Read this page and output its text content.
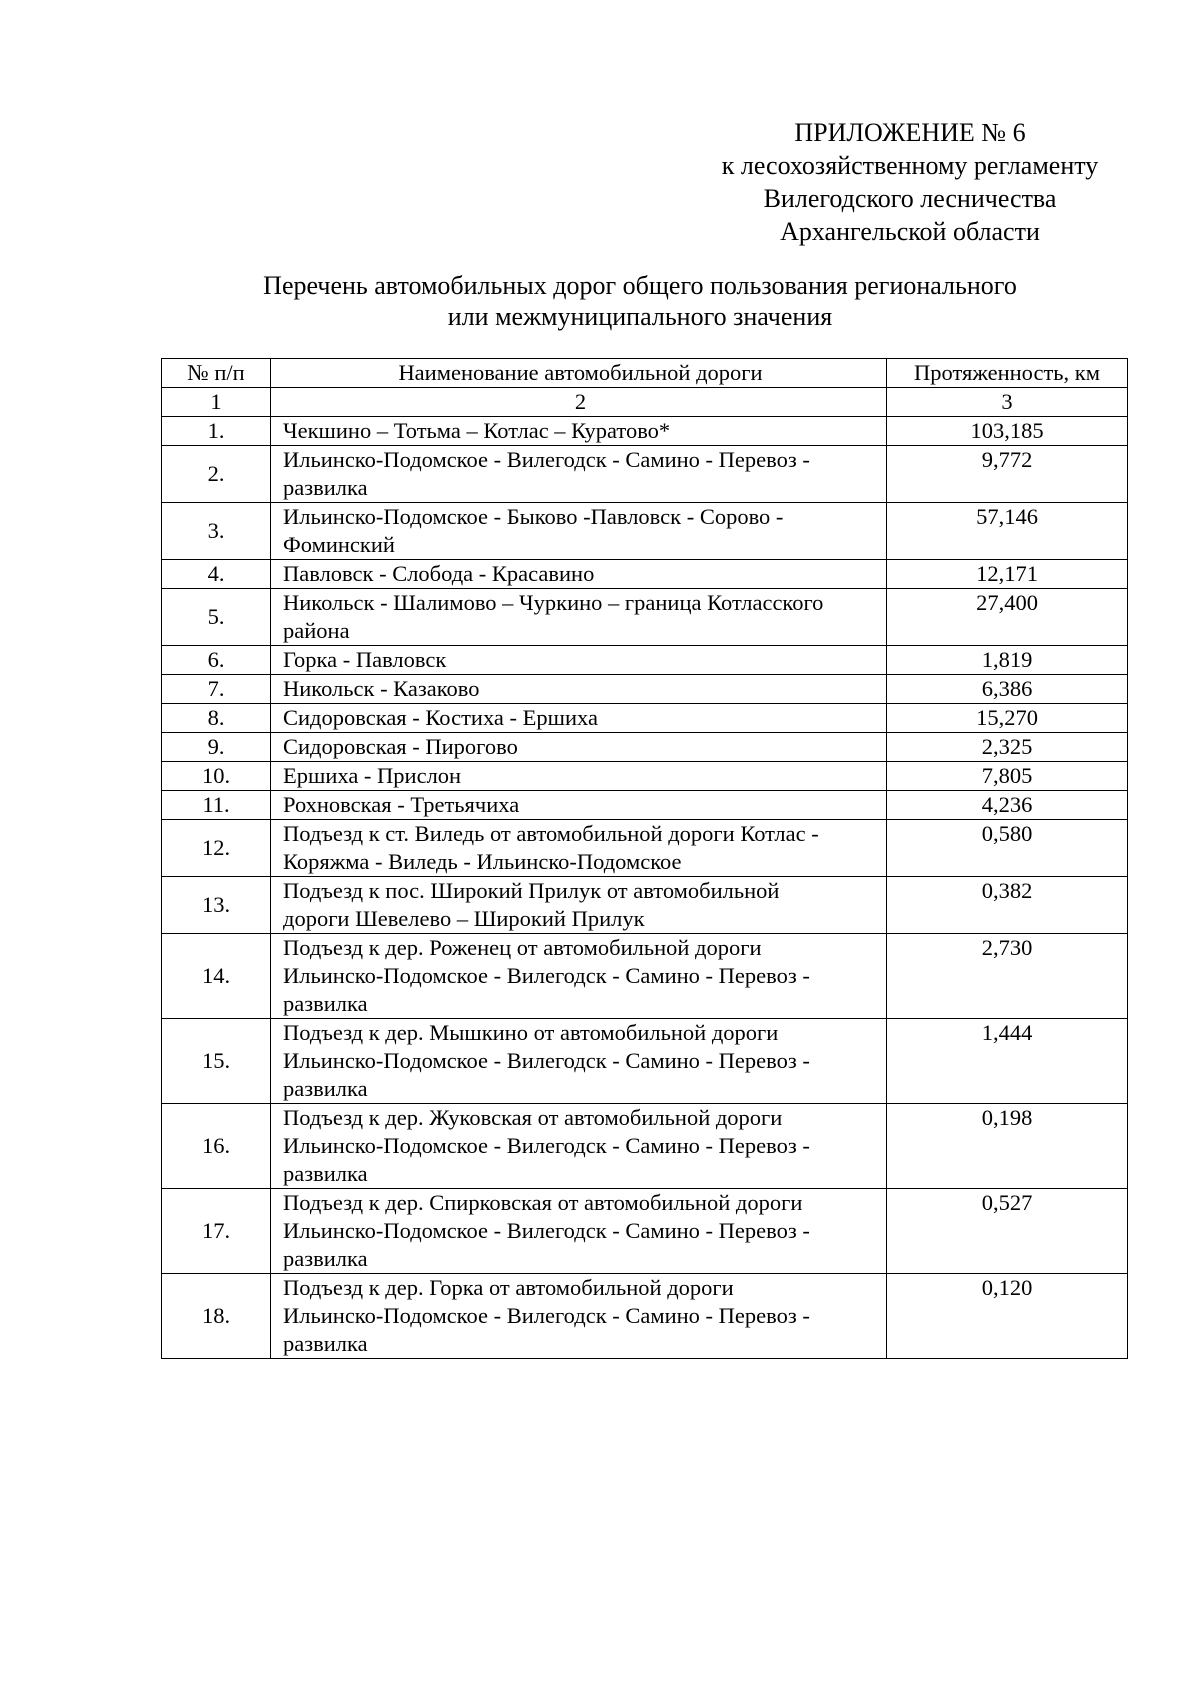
ПРИЛОЖЕНИЕ № 6
к лесохозяйственному регламенту
Вилегодского лесничества
Архангельской области
Перечень автомобильных дорог общего пользования регионального
или межмуниципального значения
№ п/п	Наименование автомобильной дороги	Протяженность, км
1	2	3
1.	Чекшино – Тотьма – Котлас – Куратово*	103,185
2.	Ильинско-Подомское - Вилегодск - Самино - Перевоз -
развилка	9,772
3.	Ильинско-Подомское - Быково -Павловск - Сорово -
Фоминский	57,146
4.	Павловск - Слобода - Красавино	12,171
5.	Никольск - Шалимово – Чуркино – граница Котласского
района	27,400
6.	Горка - Павловск	1,819
7.	Никольск - Казаково	6,386
8.	Сидоровская - Костиха - Ершиха	15,270
9.	Сидоровская - Пирогово	2,325
10.	Ершиха - Прислон	7,805
11.	Рохновская - Третьячиха	4,236
12.	Подъезд к ст. Виледь от автомобильной дороги Котлас -
Коряжма - Виледь - Ильинско-Подомское	0,580
13.	Подъезд к пос. Широкий Прилук от автомобильной
дороги Шевелево – Широкий Прилук	0,382
14.	Подъезд к дер. Роженец от автомобильной дороги
Ильинско-Подомское - Вилегодск - Самино - Перевоз -
развилка	2,730
15.	Подъезд к дер. Мышкино от автомобильной дороги
Ильинско-Подомское - Вилегодск - Самино - Перевоз -
развилка	1,444
16.	Подъезд к дер. Жуковская от автомобильной дороги
Ильинско-Подомское - Вилегодск - Самино - Перевоз -
развилка	0,198
17.	Подъезд к дер. Спирковская от автомобильной дороги
Ильинско-Подомское - Вилегодск - Самино - Перевоз -
развилка	0,527
18.	Подъезд к дер. Горка от автомобильной дороги
Ильинско-Подомское - Вилегодск - Самино - Перевоз -
развилка	0,120
